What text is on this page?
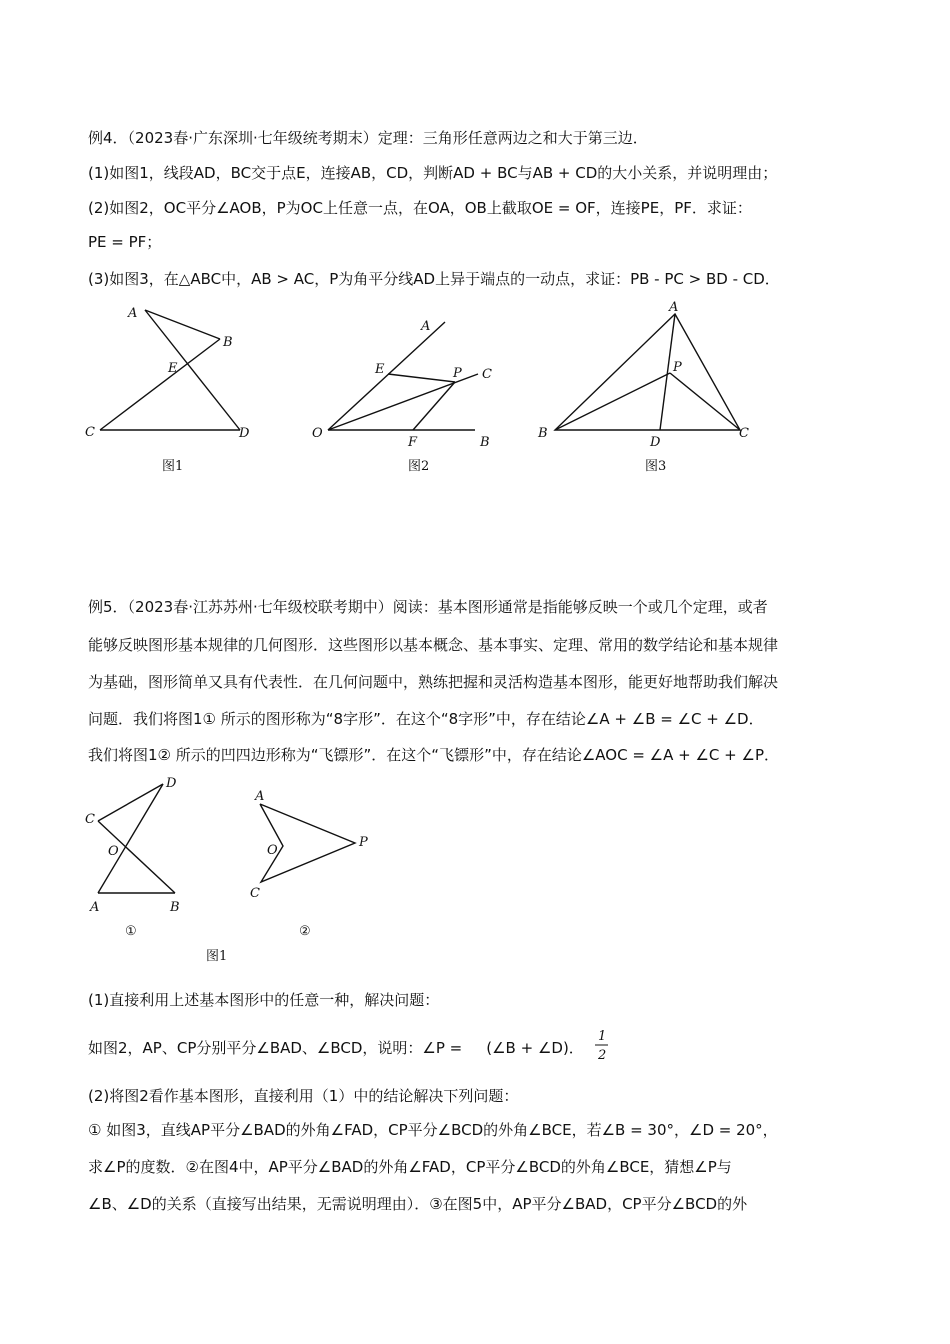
例4．（2023春·广东深圳·七年级统考期末）定理：三角形任意两边之和大于第三边．
(1)如图1，线段AD，BC交于点E，连接AB，CD，判断AD + BC与AB + CD的大小关系，并说明理由；
(2)如图2，OC平分∠AOB，P为OC上任意一点，在OA，OB上截取OE = OF，连接PE，PF．求证：
PE = PF；
(3)如图3，在△ABC中，AB > AC，P为角平分线AD上异于端点的一动点，求证：PB - PC > BD - CD．
A
B
E
C	D
图1
A
E	P C
O
F	B
图2
A
P
B
D
C
图3
D
C
O
A	B
①
A
O
P
C
②
图1
1
2
例5．（2023春·江苏苏州·七年级校联考期中）阅读：基本图形通常是指能够反映一个或几个定理，或者
能够反映图形基本规律的几何图形．这些图形以基本概念、基本事实、定理、常用的数学结论和基本规律
为基础，图形简单又具有代表性．在几何问题中，熟练把握和灵活构造基本图形，能更好地帮助我们解决
问题．我们将图1① 所示的图形称为“8字形”．在这个“8字形”中，存在结论∠A + ∠B = ∠C + ∠D．
我们将图1② 所示的凹四边形称为“飞镖形”．在这个“飞镖形”中，存在结论∠AOC = ∠A + ∠C + ∠P．
(1)直接利用上述基本图形中的任意一种，解决问题：
如图2，AP、CP分别平分∠BAD、∠BCD，说明：∠P = (∠B + ∠D)．
(2)将图2看作基本图形，直接利用（1）中的结论解决下列问题：
① 如图3，直线AP平分∠BAD的外角∠FAD，CP平分∠BCD的外角∠BCE，若∠B = 30°，∠D = 20°，
求∠P的度数．②在图4中，AP平分∠BAD的外角∠FAD，CP平分∠BCD的外角∠BCE，猜想∠P与
∠B、∠D的关系（直接写出结果，无需说明理由）．③在图5中，AP平分∠BAD，CP平分∠BCD的外
